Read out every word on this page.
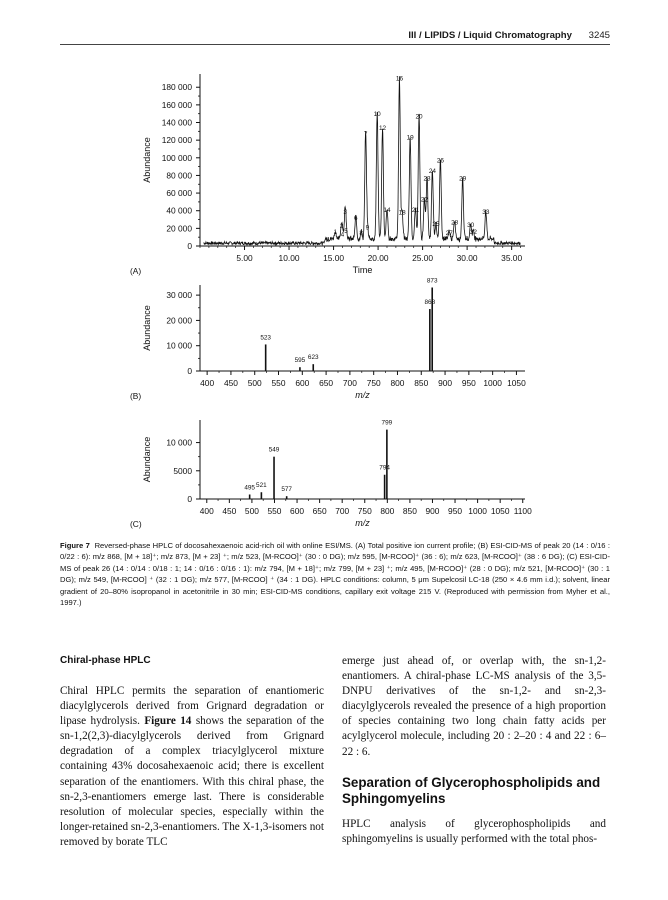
III / LIPIDS / Liquid Chromatography 3245
0
20 000
40 000
60 000
80 000
100 000
120 000
140 000
160 000
180 000
5.00	10.00	15.00	20.00	25.00	30.00	35.00
Time
Abundance
(A)
1
2
3
4
5
6
7
8
9
10
12
14
16
18
19
20
21
22
23
24
25
26
27
28
29
30
32
33
0
10 000
20 000
30 000
400 450 500 550 600 650 700 750 800 850 900 950 1000 1050
m/z
Abundance
(B)
523
595 623
868
873
0
5000
10 000
400 450 500 550 600 650 700 750 800 850 900 950 1000 1050 1100
m/z
Abundance
(C)
495 521
549
577
794
799
Figure 7 Reversed-phase HPLC of docosahexaenoic acid-rich oil with online ESI/MS. (A) Total positive ion current profile; (B) ESI-CID-MS of peak 20 (14 : 0/16 : 0/22 : 6): m/z 868, [M + 18]⁺; m/z 873, [M + 23] ⁺; m/z 523, [M-RCOO]⁺ (30 : 0 DG); m/z 595, [M-RCOO]⁺ (36 : 6); m/z 623, [M-RCOO]⁺ (38 : 6 DG); (C) ESI-CID-MS of peak 26 (14 : 0/14 : 0/18 : 1; 14 : 0/16 : 0/16 : 1): m/z 794, [M + 18]⁺; m/z 799, [M + 23] ⁺; m/z 495, [M-RCOO]⁺ (28 : 0 DG); m/z 521, [M-RCOO]⁺ (30 : 1 DG); m/z 549, [M-RCOO] ⁺ (32 : 1 DG); m/z 577, [M-RCOO] ⁺ (34 : 1 DG). HPLC conditions: column, 5 μm Supelcosil LC-18 (250 × 4.6 mm i.d.); solvent, linear gradient of 20–80% isopropanol in acetonitrile in 30 min; ESI-CID-MS conditions, capillary exit voltage 215 V. (Reproduced with permission from Myher et al., 1997.)
Chiral-phase HPLC

Chiral HPLC permits the separation of enantiomeric diacylglycerols derived from Grignard degradation or lipase hydrolysis. Figure 14 shows the separation of the sn-1,2(2,3)-diacylglycerols derived from Grignard degradation of a complex triacylglycerol mixture containing 43% docosahexaenoic acid; there is excellent separation of the enantiomers. With this chiral phase, the sn-2,3-enantiomers emerge last. There is considerable resolution of molecular species, especially within the longer-retained sn-2,3-enantiomers. The X-1,3-isomers not removed by borate TLC

emerge just ahead of, or overlap with, the sn-1,2-enantiomers. A chiral-phase LC-MS analysis of the 3,5-DNPU derivatives of the sn-1,2- and sn-2,3-diacylglycerols revealed the presence of a high proportion of species containing two long chain fatty acids per acylglycerol molecule, including 20 : 2–20 : 4 and 22 : 6–22 : 6.

Separation of Glycerophospholipids and Sphingomyelins

HPLC analysis of glycerophospholipids and sphingomyelins is usually performed with the total phos-
